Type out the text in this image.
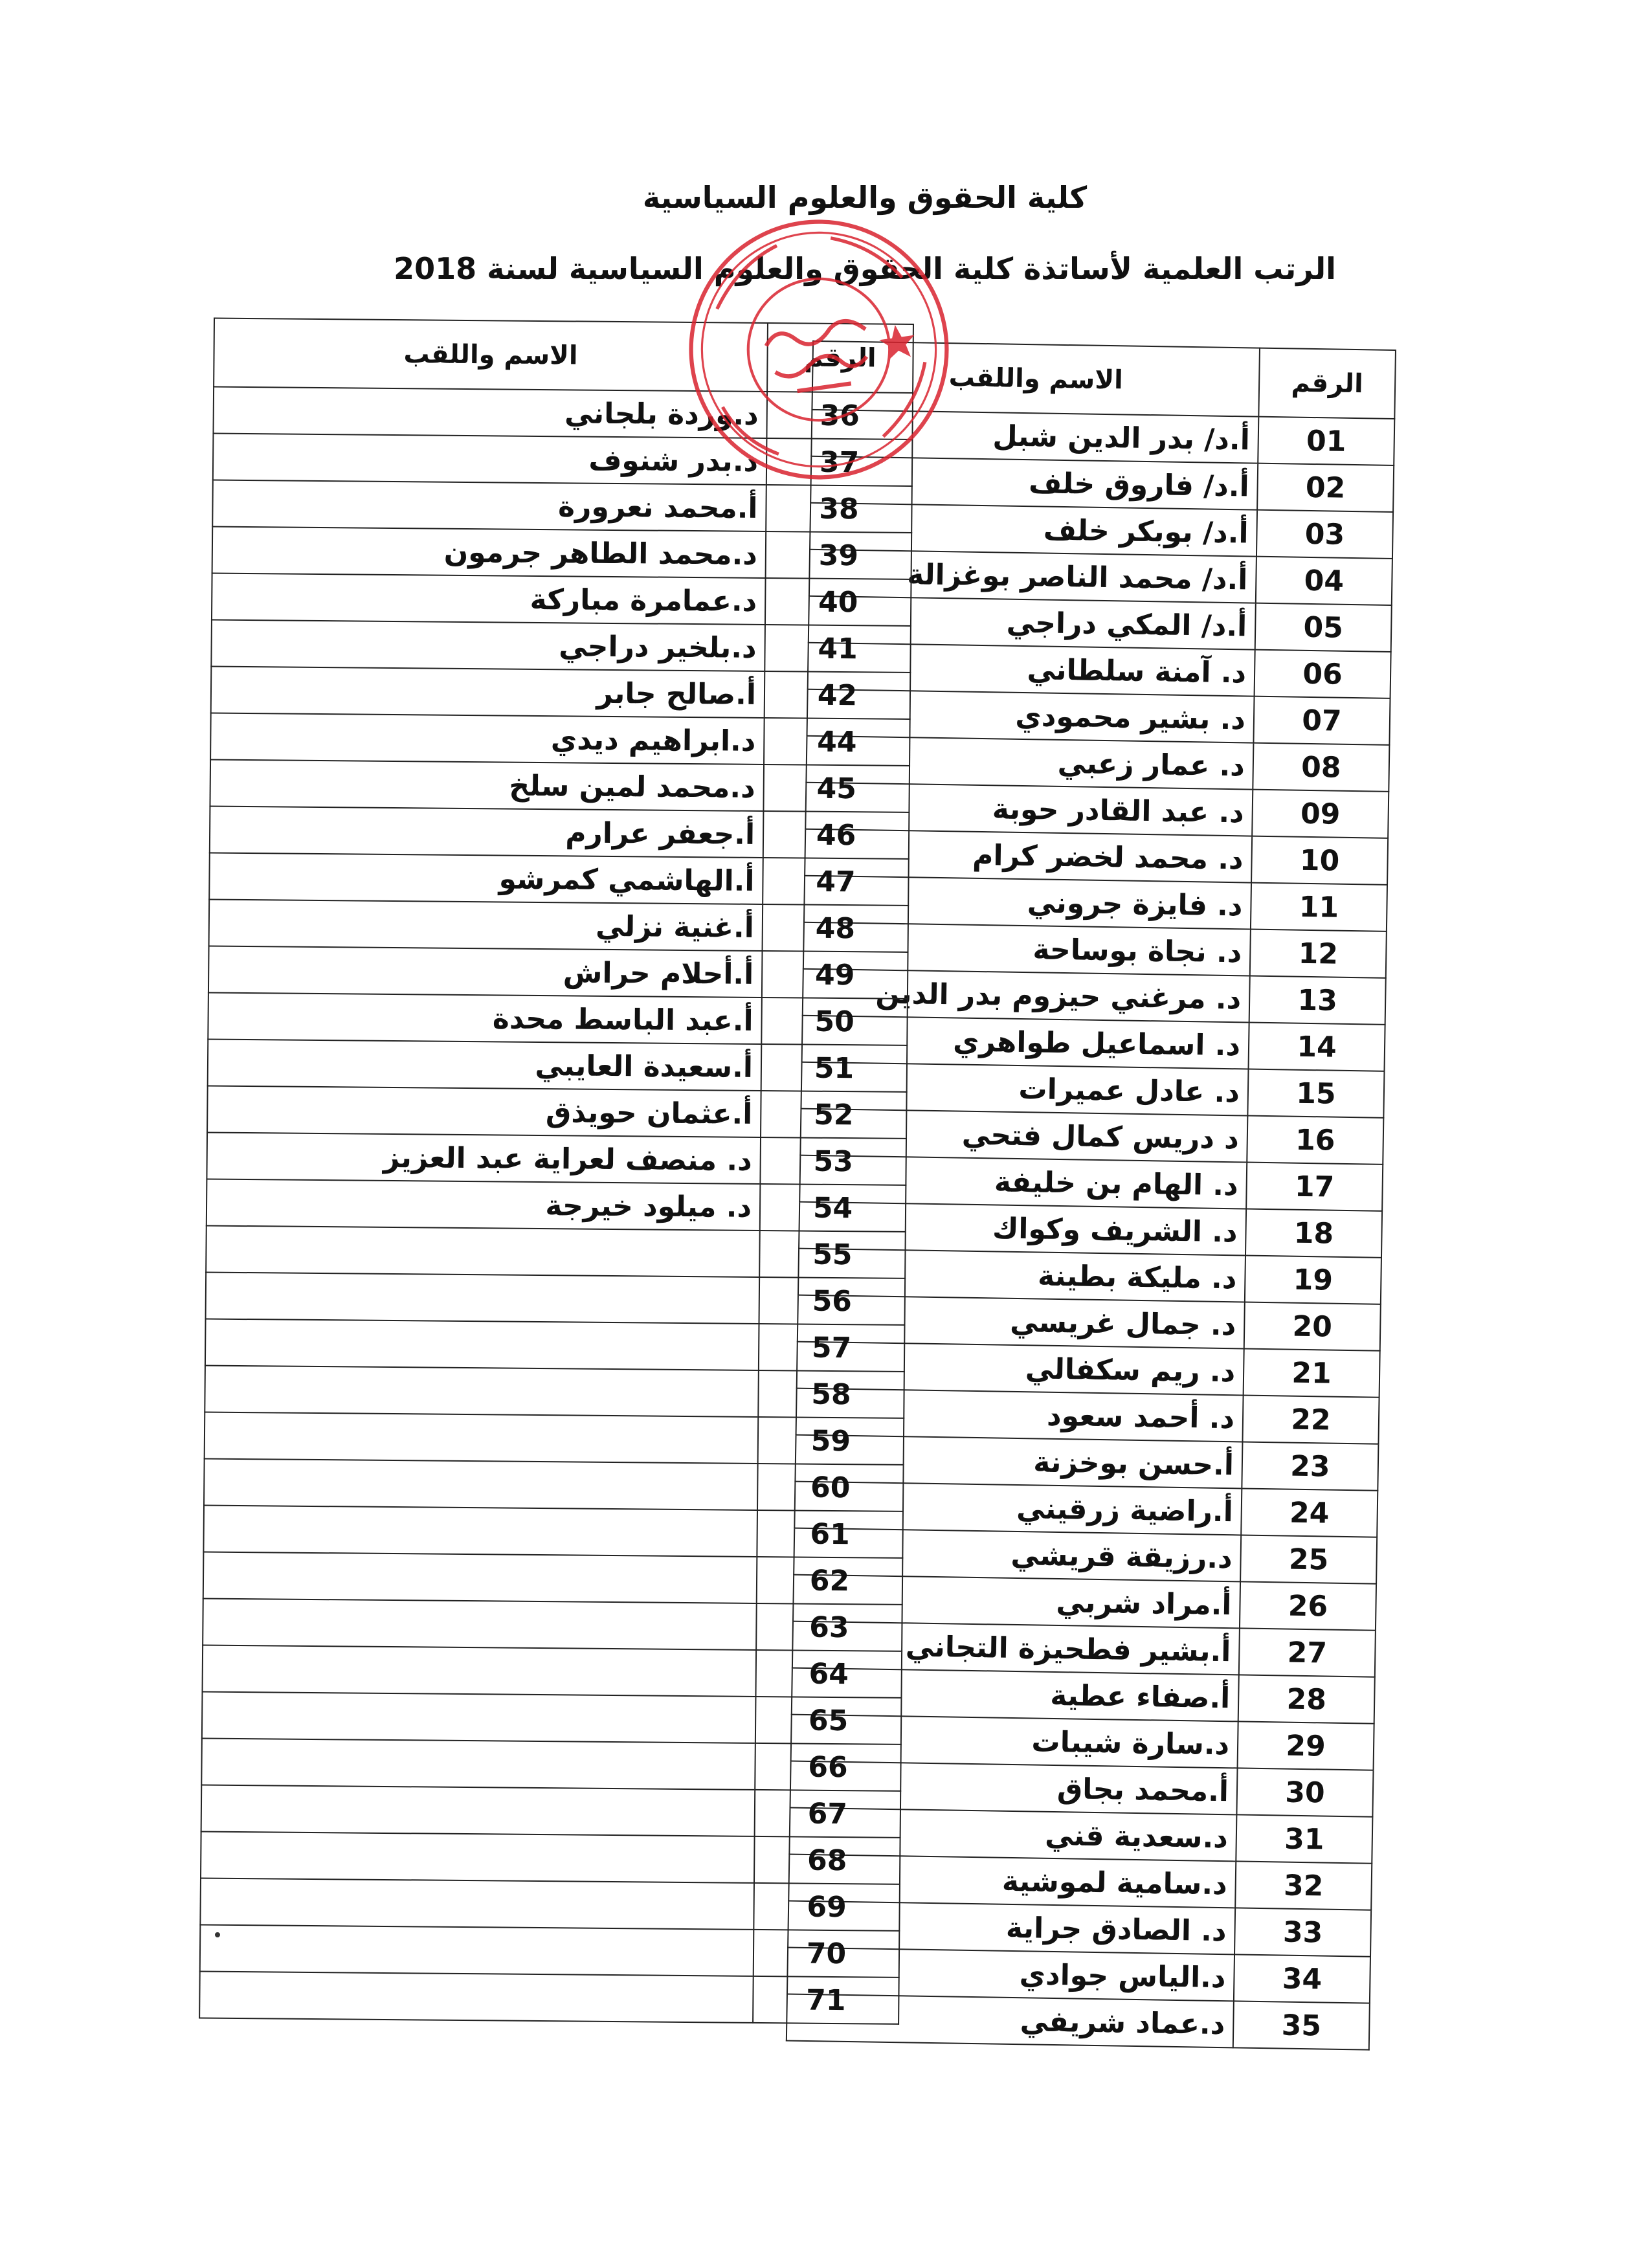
كلية الحقوق والعلوم السياسية
الرتب العلمية لأساتذة كلية الحقوق والعلوم السياسية لسنة 2018
الرقم	الاسم واللقب
01	أ.د/ بدر الدين شبل
02	أ.د/ فاروق خلف
03	أ.د/ بوبكر خلف
04	أ.د/ محمد الناصر بوغزالة
05	أ.د/ المكي دراجي
06	د. آمنة سلطاني
07	د. بشير محمودي
08	د. عمار زعبي
09	د. عبد القادر حوبة
10	د. محمد لخضر كرام
11	د. فايزة جروني
12	د. نجاة بوساحة
13	د. مرغني حيزوم بدر الدين
14	د. اسماعيل طواهري
15	د. عادل عميرات
16	د دريس كمال فتحي
17	د. الهام بن خليفة
18	د. الشريف وكواك
19	د. مليكة بطينة
20	د. جمال غريسي
21	د. ريم سكفالي
22	د. أحمد سعود
23	أ.حسن بوخزنة
24	أ.راضية زرقيني
25	د.رزيقة قريشي
26	أ.مراد شربي
27	أ.بشير فطحيزة التجاني
28	أ.صفاء عطية
29	د.سارة شيبات
30	أ.محمد بجاق
31	د.سعدية قني
32	د.سامية لموشية
33	د. الصادق جراية
34	د.الياس جوادي
35	د.عماد شريفي
الرقم	الاسم واللقب
36	د.وردة بلجاني
37	د.بدر شنوف
38	أ.محمد نعرورة
39	د.محمد الطاهر جرمون
40	د.عمامرة مباركة
41	د.بلخير دراجي
42	أ.صالح جابر
44	د.ابراهيم ديدي
45	د.محمد لمين سلخ
46	أ.جعفر عرارم
47	أ.الهاشمي كمرشو
48	أ.غنية نزلي
49	أ.أحلام حراش
50	أ.عبد الباسط محدة
51	أ.سعيدة العايبي
52	أ.عثمان حويذق
53	د. منصف لعراية عبد العزيز
54	د. ميلود خيرجة
55	
56	
57	
58	
59	
60	
61	
62	
63	
64	
65	
66	
67	
68	
69	
70	
71	
